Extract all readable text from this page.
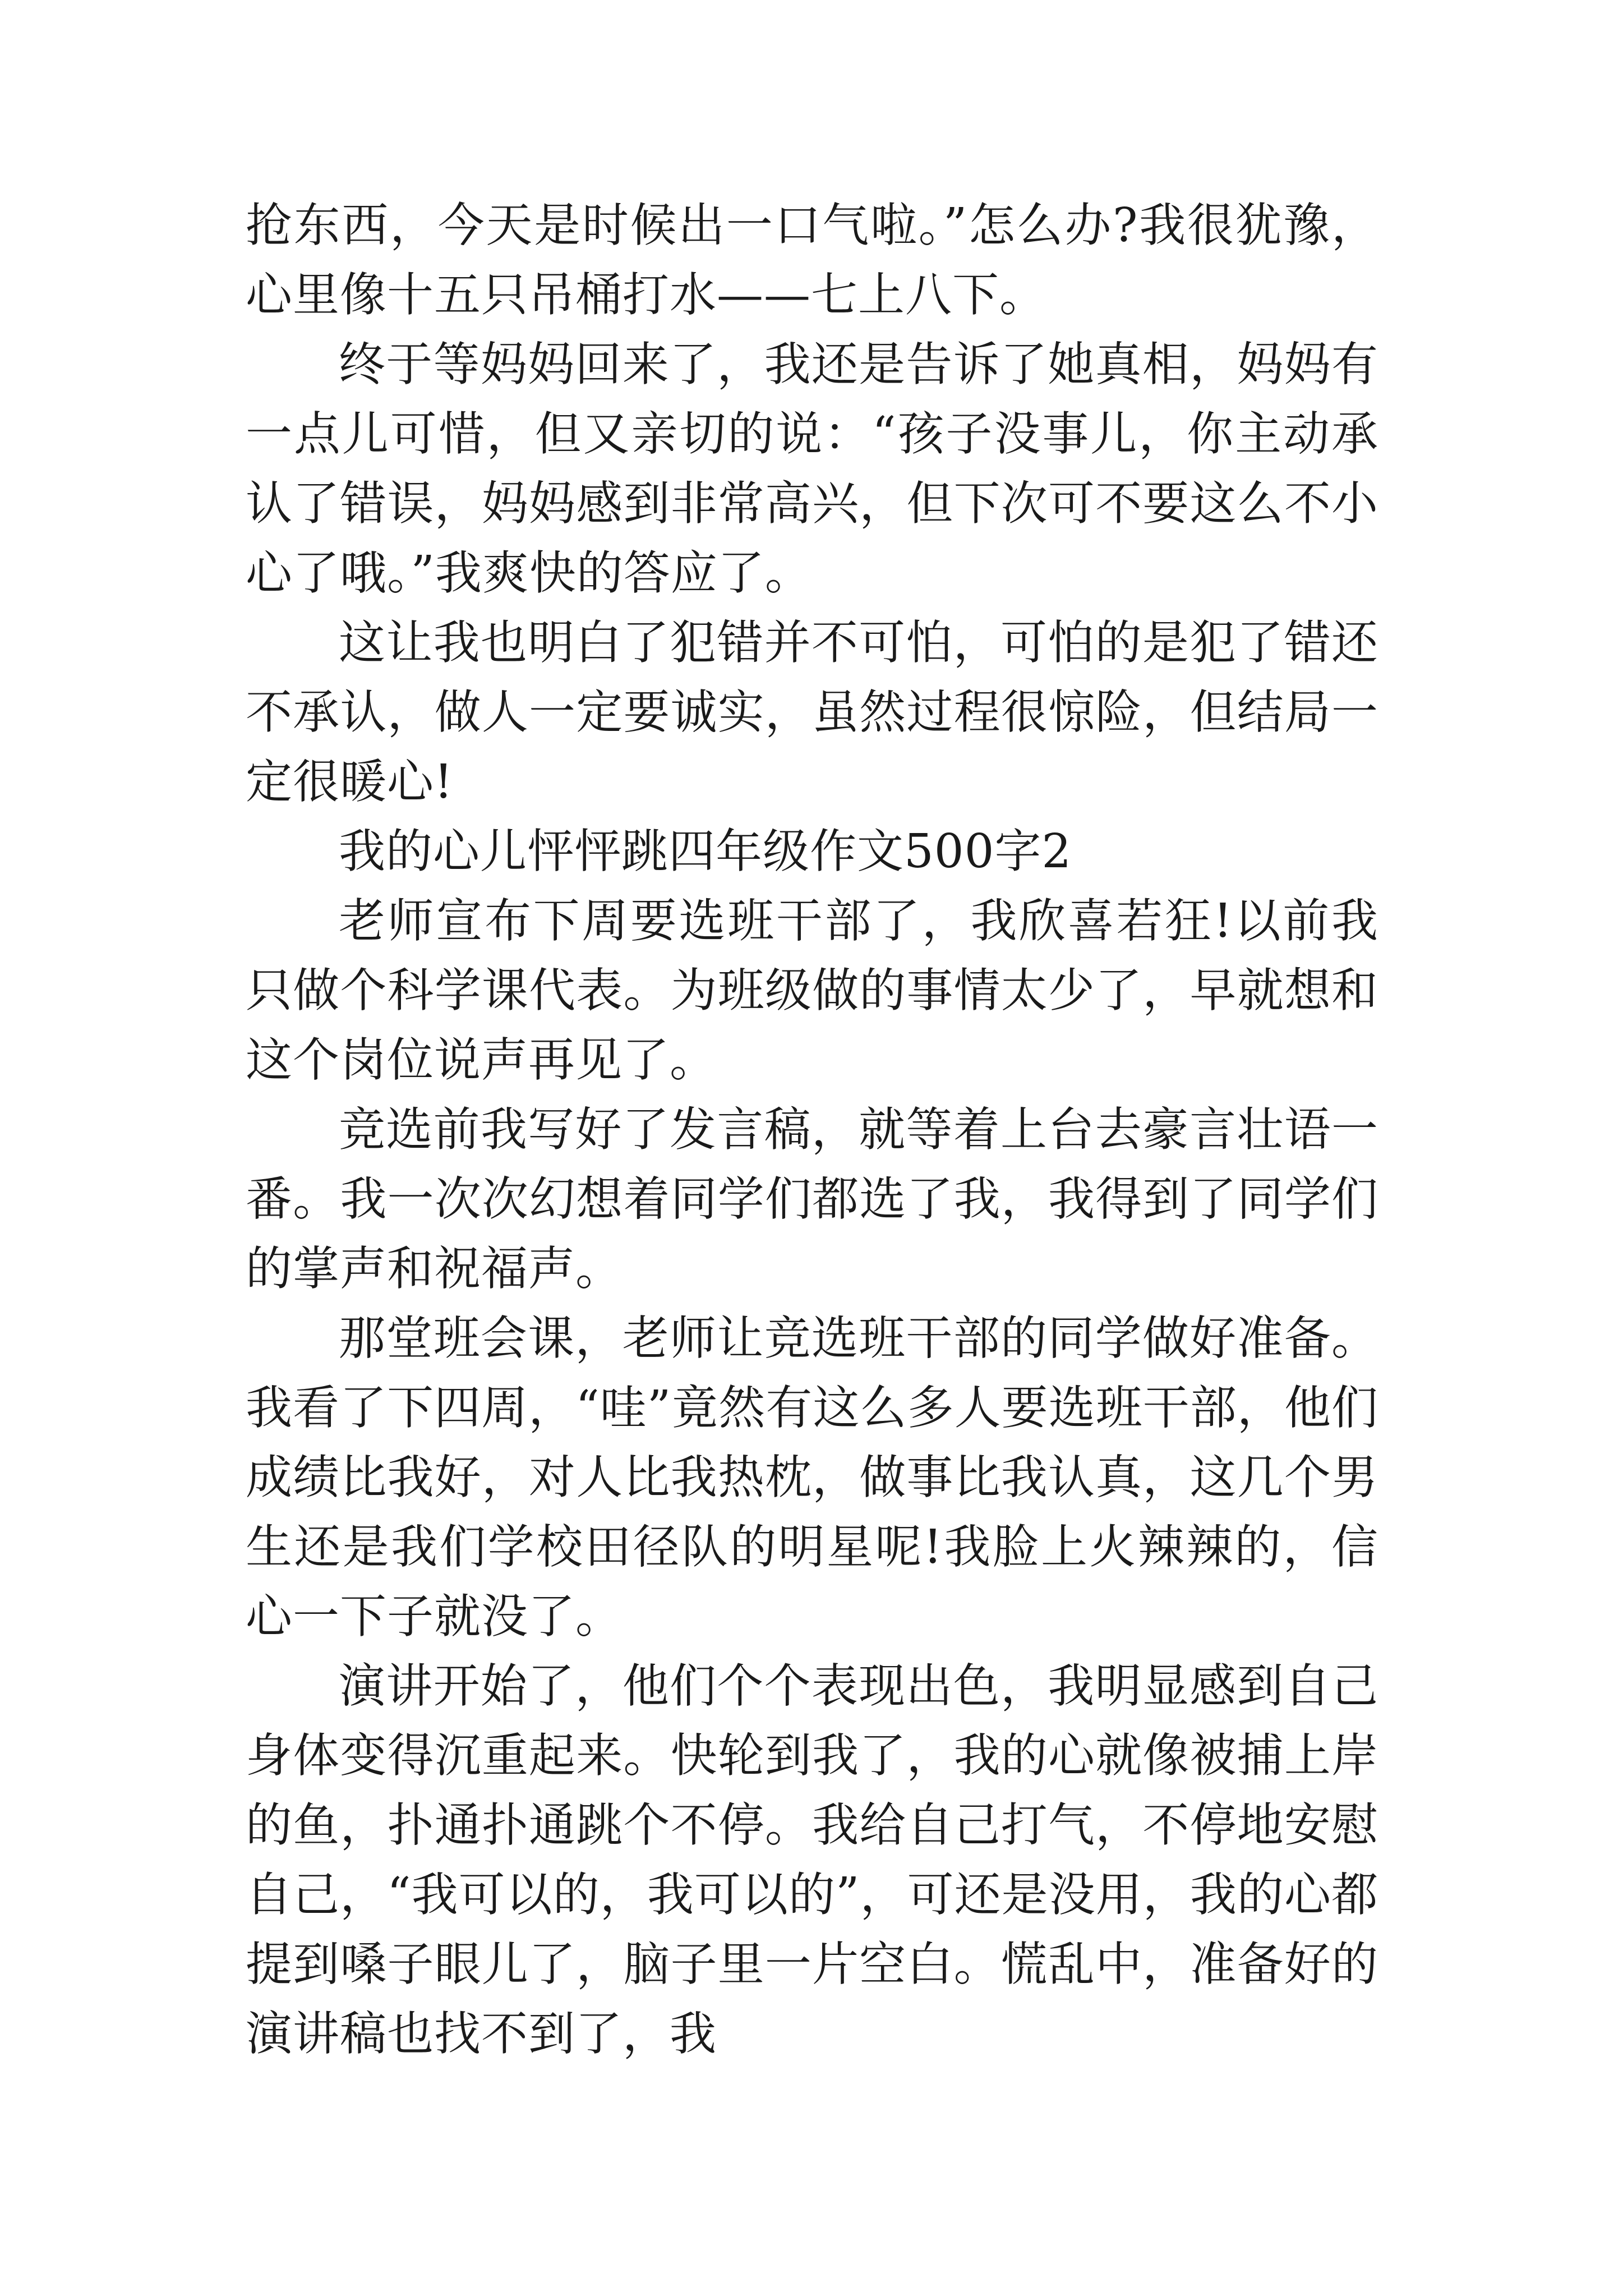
抢东西，今天是时候出一口气啦。”怎么办?我很犹豫，心里像十五只吊桶打水——七上八下。

终于等妈妈回来了，我还是告诉了她真相，妈妈有一点儿可惜，但又亲切的说：“孩子没事儿，你主动承认了错误，妈妈感到非常高兴，但下次可不要这么不小心了哦。”我爽快的答应了。

这让我也明白了犯错并不可怕，可怕的是犯了错还不承认，做人一定要诚实，虽然过程很惊险，但结局一定很暖心!

我的心儿怦怦跳四年级作文500字2

老师宣布下周要选班干部了，我欣喜若狂!以前我只做个科学课代表。为班级做的事情太少了，早就想和这个岗位说声再见了。

竞选前我写好了发言稿，就等着上台去豪言壮语一番。我一次次幻想着同学们都选了我，我得到了同学们的掌声和祝福声。

那堂班会课，老师让竞选班干部的同学做好准备。我看了下四周，“哇”竟然有这么多人要选班干部，他们成绩比我好，对人比我热枕，做事比我认真，这几个男生还是我们学校田径队的明星呢!我脸上火辣辣的，信心一下子就没了。

演讲开始了，他们个个表现出色，我明显感到自己身体变得沉重起来。快轮到我了，我的心就像被捕上岸的鱼，扑通扑通跳个不停。我给自己打气，不停地安慰自己，“我可以的，我可以的”，可还是没用，我的心都提到嗓子眼儿了，脑子里一片空白。慌乱中，准备好的演讲稿也找不到了，我
